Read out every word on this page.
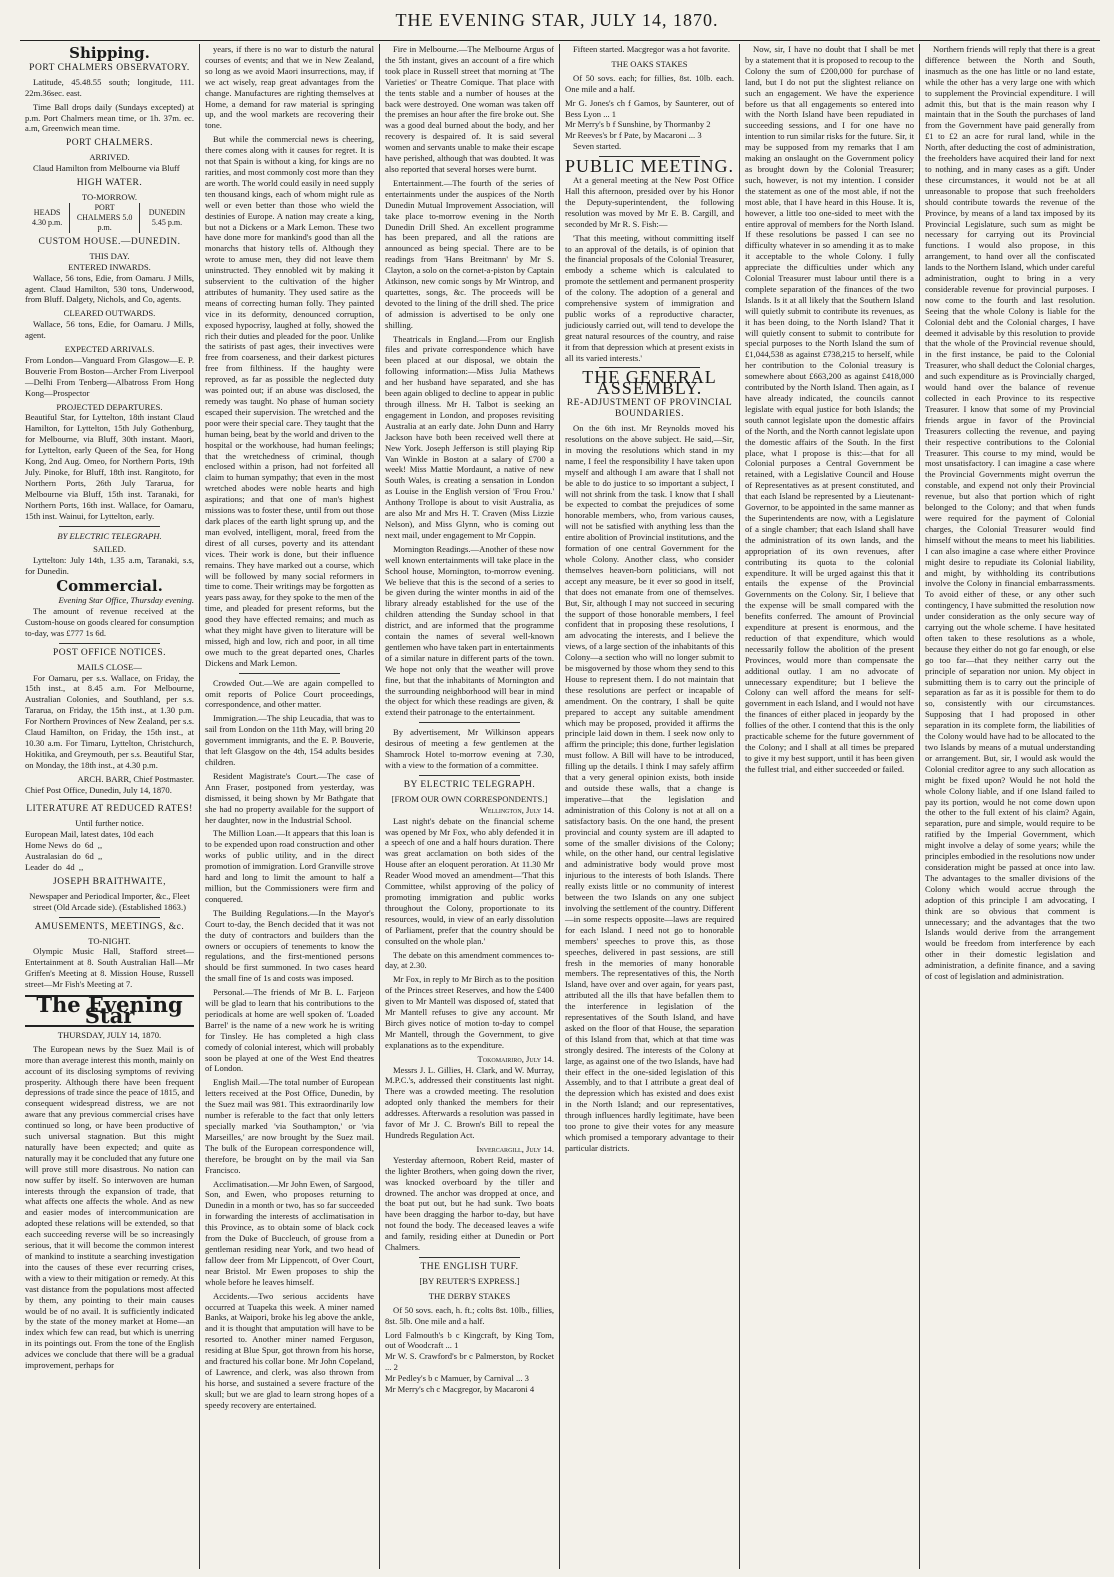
THE EVENING STAR, JULY 14, 1870.
Shipping.
PORT CHALMERS OBSERVATORY.

Latitude, 45.48.55 south; longitude, 111. 22m.36sec. east.

Time Ball drops daily (Sundays excepted) at p.m. Port Chalmers mean time, or 1h. 37m. ec. a.m, Greenwich mean time.

PORT CHALMERS.
ARRIVED.

Claud Hamilton from Melbourne via Bluff

HIGH WATER.
TO-MORROW.
HEADS 4.30 p.m.	PORT CHALMERS 5.0 p.m.	DUNEDIN 5.45 p.m.
CUSTOM HOUSE.—DUNEDIN.
THIS DAY.
ENTERED INWARDS.

Wallace, 56 tons, Edie, from Oamaru. J Mills, agent. Claud Hamilton, 530 tons, Underwood, from Bluff. Dalgety, Nichols, and Co, agents.

CLEARED OUTWARDS.

Wallace, 56 tons, Edie, for Oamaru. J Mills, agent.

EXPECTED ARRIVALS.

From London—Vanguard From Glasgow—E. P. Bouverie From Boston—Archer From Liverpool—Delhi From Tenberg—Albatross From Hong Kong—Prospector

PROJECTED DEPARTURES.

Beautiful Star, for Lyttelton, 18th instant Claud Hamilton, for Lyttelton, 15th July Gothenburg, for Melbourne, via Bluff, 30th instant. Maori, for Lyttelton, early Queen of the Sea, for Hong Kong, 2nd Aug. Omeo, for Northern Ports, 19th July. Pinoke, for Bluff, 18th inst. Rangitoto, for Northern Ports, 26th July Tararua, for Melbourne via Bluff, 15th inst. Taranaki, for Northern Ports, 16th inst. Wallace, for Oamaru, 15th inst. Wainui, for Lyttelton, early.

BY ELECTRIC TELEGRAPH.
SAILED.

Lyttelton: July 14th, 1.35 a.m, Taranaki, s.s, for Dunedin.

Commercial.
Evening Star Office, Thursday evening.

The amount of revenue received at the Custom-house on goods cleared for consumption to-day, was £777 1s 6d.

POST OFFICE NOTICES.
MAILS CLOSE—

For Oamaru, per s.s. Wallace, on Friday, the 15th inst., at 8.45 a.m. For Melbourne, Australian Colonies, and Southland, per s.s. Tararua, on Friday, the 15th inst., at 1.30 p.m. For Northern Provinces of New Zealand, per s.s. Claud Hamilton, on Friday, the 15th inst., at 10.30 a.m. For Timaru, Lyttelton, Christchurch, Hokitika, and Greymouth, per s.s. Beautiful Star, on Monday, the 18th inst., at 4.30 p.m.

ARCH. BARR, Chief Postmaster.
Chief Post Office, Dunedin, July 14, 1870.
LITERATURE AT REDUCED RATES!
Until further notice.
European Mail, latest dates, 10d each
Home News  do  6d  ,,
Australasian  do  6d  ,,
Leader  do  4d  ,,
JOSEPH BRAITHWAITE,
Newspaper and Periodical Importer, &c., Fleet street (Old Arcade side). (Established 1863.)
AMUSEMENTS, MEETINGS, &c.
TO-NIGHT.

Olympic Music Hall, Stafford street—Entertainment at 8. South Australian Hall—Mr Griffen's Meeting at 8. Mission House, Russell street—Mr Fish's Meeting at 7.

The Evening Star
THURSDAY, JULY 14, 1870.

The European news by the Suez Mail is of more than average interest this month, mainly on account of its disclosing symptoms of reviving prosperity. Although there have been frequent depressions of trade since the peace of 1815, and consequent widespread distress, we are not aware that any previous commercial crises have continued so long, or have been productive of such universal stagnation. But this might naturally have been expected; and quite as naturally may it be concluded that any future one will prove still more disastrous. No nation can now suffer by itself. So interwoven are human interests through the expansion of trade, that what affects one affects the whole. And as new and easier modes of intercommunication are adopted these relations will be extended, so that each succeeding reverse will be so increasingly serious, that it will become the common interest of mankind to institute a searching investigation into the causes of these ever recurring crises, with a view to their mitigation or remedy. At this vast distance from the populations most affected by them, any pointing to their main causes would be of no avail. It is sufficiently indicated by the state of the money market at Home—an index which few can read, but which is unerring in its pointings out. From the tone of the English advices we conclude that there will be a gradual improvement, perhaps for

years, if there is no war to disturb the natural courses of events; and that we in New Zealand, so long as we avoid Maori insurrections, may, if we act wisely, reap great advantages from the change. Manufactures are righting themselves at Home, a demand for raw material is springing up, and the wool markets are recovering their tone.

But while the commercial news is cheering, there comes along with it causes for regret. It is not that Spain is without a king, for kings are no rarities, and most commonly cost more than they are worth. The world could easily in need supply ten thousand kings, each of whom might rule as well or even better than those who wield the destinies of Europe. A nation may create a king, but not a Dickens or a Mark Lemon. These two have done more for mankind's good than all the monarchs that history tells of. Although they wrote to amuse men, they did not leave them uninstructed. They ennobled wit by making it subservient to the cultivation of the higher attributes of humanity. They used satire as the means of correcting human folly. They painted vice in its deformity, denounced corruption, exposed hypocrisy, laughed at folly, showed the rich their duties and pleaded for the poor. Unlike the satirists of past ages, their invectives were free from coarseness, and their darkest pictures free from filthiness. If the haughty were reproved, as far as possible the neglected duty was pointed out; if an abuse was disclosed, the remedy was taught. No phase of human society escaped their supervision. The wretched and the poor were their special care. They taught that the human being, beat by the world and driven to the hospital or the workhouse, had human feelings; that the wretchedness of criminal, though enclosed within a prison, had not forfeited all claim to human sympathy; that even in the most wretched abodes were noble hearts and high aspirations; and that one of man's highest missions was to foster these, until from out those dark places of the earth light sprung up, and the man evolved, intelligent, moral, freed from the direst of all curses, poverty and its attendant vices. Their work is done, but their influence remains. They have marked out a course, which will be followed by many social reformers in time to come. Their writings may be forgotten as years pass away, for they spoke to the men of the time, and pleaded for present reforms, but the good they have effected remains; and much as what they might have given to literature will be missed, high and low, rich and poor, in all time owe much to the great departed ones, Charles Dickens and Mark Lemon.

Crowded Out.—We are again compelled to omit reports of Police Court proceedings, correspondence, and other matter.

Immigration.—The ship Leucadia, that was to sail from London on the 11th May, will bring 20 government immigrants, and the E. P. Bouverie, that left Glasgow on the 4th, 154 adults besides children.

Resident Magistrate's Court.—The case of Ann Fraser, postponed from yesterday, was dismissed, it being shown by Mr Bathgate that she had no property available for the support of her daughter, now in the Industrial School.

The Million Loan.—It appears that this loan is to be expended upon road construction and other works of public utility, and in the direct promotion of immigration. Lord Granville strove hard and long to limit the amount to half a million, but the Commissioners were firm and conquered.

The Building Regulations.—In the Mayor's Court to-day, the Bench decided that it was not the duty of contractors and builders than the owners or occupiers of tenements to know the regulations, and the first-mentioned persons should be first summoned. In two cases heard the small fine of 1s and costs was imposed.

Personal.—The friends of Mr B. L. Farjeon will be glad to learn that his contributions to the periodicals at home are well spoken of. 'Loaded Barrel' is the name of a new work he is writing for Tinsley. He has completed a high class comedy of colonial interest, which will probably soon be played at one of the West End theatres of London.

English Mail.—The total number of European letters received at the Post Office, Dunedin, by the Suez mail was 981. This extraordinarily low number is referable to the fact that only letters specially marked 'via Southampton,' or 'via Marseilles,' are now brought by the Suez mail. The bulk of the European correspondence will, therefore, be brought on by the mail via San Francisco.

Acclimatisation.—Mr John Ewen, of Sargood, Son, and Ewen, who proposes returning to Dunedin in a month or two, has so far succeeded in forwarding the interests of acclimatisation in this Province, as to obtain some of black cock from the Duke of Buccleuch, of grouse from a gentleman residing near York, and two head of fallow deer from Mr Lippencott, of Over Court, near Bristol. Mr Ewen proposes to ship the whole before he leaves himself.

Accidents.—Two serious accidents have occurred at Tuapeka this week. A miner named Banks, at Waipori, broke his leg above the ankle, and it is thought that amputation will have to be resorted to. Another miner named Ferguson, residing at Blue Spur, got thrown from his horse, and fractured his collar bone. Mr John Copeland, of Lawrence, and clerk, was also thrown from his horse, and sustained a severe fracture of the skull; but we are glad to learn strong hopes of a speedy recovery are entertained.

Fire in Melbourne.—The Melbourne Argus of the 5th instant, gives an account of a fire which took place in Russell street that morning at 'The Varieties' or Theatre Comique. That place with the tents stable and a number of houses at the back were destroyed. One woman was taken off the premises an hour after the fire broke out. She was a good deal burned about the body, and her recovery is despaired of. It is said several women and servants unable to make their escape have perished, although that was doubted. It was also reported that several horses were burnt.

Entertainment.—The fourth of the series of entertainments under the auspices of the North Dunedin Mutual Improvement Association, will take place to-morrow evening in the North Dunedin Drill Shed. An excellent programme has been prepared, and all the rations are announced as being special. There are to be readings from 'Hans Breitmann' by Mr S. Clayton, a solo on the cornet-a-piston by Captain Atkinson, new comic songs by Mr Wintrop, and quartettes, songs, &c. The proceeds will be devoted to the lining of the drill shed. The price of admission is advertised to be only one shilling.

Theatricals in England.—From our English files and private correspondence which have been placed at our disposal, we obtain the following information:—Miss Julia Mathews and her husband have separated, and she has been again obliged to decline to appear in public through illness. Mr H. Talbot is seeking an engagement in London, and proposes revisiting Australia at an early date. John Dunn and Harry Jackson have both been received well there at New York. Joseph Jefferson is still playing Rip Van Winkle in Boston at a salary of £700 a week! Miss Mattie Mordaunt, a native of new South Wales, is creating a sensation in London as Louise in the English version of 'Frou Frou.' Anthony Trollope is about to visit Australia, as are also Mr and Mrs H. T. Craven (Miss Lizzie Nelson), and Miss Glynn, who is coming out next mail, under engagement to Mr Coppin.

Mornington Readings.—Another of these now well known entertainments will take place in the School house, Mornington, to-morrow evening. We believe that this is the second of a series to be given during the winter months in aid of the library already established for the use of the children attending the Sunday school in that district, and are informed that the programme contain the names of several well-known gentlemen who have taken part in entertainments of a similar nature in different parts of the town. We hope not only that the weather will prove fine, but that the inhabitants of Mornington and the surrounding neighborhood will bear in mind the object for which these readings are given, & extend their patronage to the entertainment.

By advertisement, Mr Wilkinson appears desirous of meeting a few gentlemen at the Shamrock Hotel to-morrow evening at 7.30, with a view to the formation of a committee.

BY ELECTRIC TELEGRAPH.
[FROM OUR OWN CORRESPONDENTS.]
Wellington, July 14.

Last night's debate on the financial scheme was opened by Mr Fox, who ably defended it in a speech of one and a half hours duration. There was great acclamation on both sides of the House after an eloquent peroration. At 11.30 Mr Reader Wood moved an amendment—'That this Committee, whilst approving of the policy of promoting immigration and public works throughout the Colony, proportionate to its resources, would, in view of an early dissolution of Parliament, prefer that the country should be consulted on the whole plan.'

The debate on this amendment commences to-day, at 2.30.

Mr Fox, in reply to Mr Birch as to the position of the Princes street Reserves, and how the £400 given to Mr Mantell was disposed of, stated that Mr Mantell refuses to give any account. Mr Birch gives notice of motion to-day to compel Mr Mantell, through the Government, to give explanations as to the expenditure.

Tokomairiro, July 14.

Messrs J. L. Gillies, H. Clark, and W. Murray, M.P.C.'s, addressed their constituents last night. There was a crowded meeting. The resolution adopted only thanked the members for their addresses. Afterwards a resolution was passed in favor of Mr J. C. Brown's Bill to repeal the Hundreds Regulation Act.

Invercargill, July 14.

Yesterday afternoon, Robert Reid, master of the lighter Brothers, when going down the river, was knocked overboard by the tiller and drowned. The anchor was dropped at once, and the boat put out, but he had sunk. Two boats have been dragging the harbor to-day, but have not found the body. The deceased leaves a wife and family, residing either at Dunedin or Port Chalmers.

THE ENGLISH TURF.
[BY REUTER'S EXPRESS.]
THE DERBY STAKES

Of 50 sovs. each, h. ft.; colts 8st. 10lb., fillies, 8st. 5lb. One mile and a half.

Lord Falmouth's b c Kingcraft, by King Tom, out of Woodcraft ... 1
Mr W. S. Crawford's br c Palmerston, by Rocket ... 2
Mr Pedley's b c Mamuer, by Carnival ... 3
Mr Merry's ch c Macgregor, by Macaroni 4

Fifteen started. Macgregor was a hot favorite.

THE OAKS STAKES

Of 50 sovs. each; for fillies, 8st. 10lb. each. One mile and a half.

Mr G. Jones's ch f Gamos, by Saunterer, out of Bess Lyon ... 1
Mr Merry's b f Sunshine, by Thormanby 2
Mr Reeves's br f Pate, by Macaroni ... 3

Seven started.

PUBLIC MEETING.

At a general meeting at the New Post Office Hall this afternoon, presided over by his Honor the Deputy-superintendent, the following resolution was moved by Mr E. B. Cargill, and seconded by Mr R. S. Fish:—

'That this meeting, without committing itself to an approval of the details, is of opinion that the financial proposals of the Colonial Treasurer, embody a scheme which is calculated to promote the settlement and permanent prosperity of the colony. The adoption of a general and comprehensive system of immigration and public works of a reproductive character, judiciously carried out, will tend to develope the great natural resources of the country, and raise it from that depression which at present exists in all its varied interests.'

THE GENERAL ASSEMBLY.
RE-ADJUSTMENT OF PROVINCIAL BOUNDARIES.

On the 6th inst. Mr Reynolds moved his resolutions on the above subject. He said,—Sir, in moving the resolutions which stand in my name, I feel the responsibility I have taken upon myself and although I am aware that I shall not be able to do justice to so important a subject, I will not shrink from the task. I know that I shall be expected to combat the prejudices of some honorable members, who, from various causes, will not be satisfied with anything less than the entire abolition of Provincial institutions, and the formation of one central Government for the whole Colony. Another class, who consider themselves heaven-born politicians, will not accept any measure, be it ever so good in itself, that does not emanate from one of themselves. But, Sir, although I may not succeed in securing the support of those honorable members, I feel confident that in proposing these resolutions, I am advocating the interests, and I believe the views, of a large section of the inhabitants of this Colony—a section who will no longer submit to be misgoverned by those whom they send to this House to represent them. I do not maintain that these resolutions are perfect or incapable of amendment. On the contrary, I shall be quite prepared to accept any suitable amendment which may be proposed, provided it affirms the principle laid down in them. I seek now only to affirm the principle; this done, further legislation must follow. A Bill will have to be introduced, filling up the details. I think I may safely affirm that a very general opinion exists, both inside and outside these walls, that a change is imperative—that the legislation and administration of this Colony is not at all on a satisfactory basis. On the one hand, the present provincial and county system are ill adapted to some of the smaller divisions of the Colony; while, on the other hand, our central legislative and administrative body would prove most injurious to the interests of both Islands. There really exists little or no community of interest between the two Islands on any one subject involving the settlement of the country. Different—in some respects opposite—laws are required for each Island. I need not go to honorable members' speeches to prove this, as those speeches, delivered in past sessions, are still fresh in the memories of many honorable members. The representatives of this, the North Island, have over and over again, for years past, attributed all the ills that have befallen them to the interference in legislation of the representatives of the South Island, and have asked on the floor of that House, the separation of this Island from that, which at that time was strongly desired. The interests of the Colony at large, as against one of the two Islands, have had their effect in the one-sided legislation of this Assembly, and to that I attribute a great deal of the depression which has existed and does exist in the North Island; and our representatives, through influences hardly legitimate, have been too prone to give their votes for any measure which promised a temporary advantage to their particular districts.

Now, sir, I have no doubt that I shall be met by a statement that it is proposed to recoup to the Colony the sum of £200,000 for purchase of land, but I do not put the slightest reliance on such an engagement. We have the experience before us that all engagements so entered into with the North Island have been repudiated in succeeding sessions, and I for one have no intention to run similar risks for the future. Sir, it may be supposed from my remarks that I am making an onslaught on the Government policy as brought down by the Colonial Treasurer; such, however, is not my intention. I consider the statement as one of the most able, if not the most able, that I have heard in this House. It is, however, a little too one-sided to meet with the entire approval of members for the North Island. If these resolutions be passed I can see no difficulty whatever in so amending it as to make it acceptable to the whole Colony. I fully appreciate the difficulties under which any Colonial Treasurer must labour until there is a complete separation of the finances of the two Islands. Is it at all likely that the Southern Island will quietly submit to contribute its revenues, as it has been doing, to the North Island? That it will quietly consent to submit to contribute for special purposes to the North Island the sum of £1,044,538 as against £738,215 to herself, while her contribution to the Colonial treasury is somewhere about £663,200 as against £418,000 contributed by the North Island. Then again, as I have already indicated, the councils cannot legislate with equal justice for both Islands; the south cannot legislate upon the domestic affairs of the North, and the North cannot legislate upon the domestic affairs of the South. In the first place, what I propose is this:—that for all Colonial purposes a Central Government be retained, with a Legislative Council and House of Representatives as at present constituted, and that each Island be represented by a Lieutenant-Governor, to be appointed in the same manner as the Superintendents are now, with a Legislature of a single chamber; that each Island shall have the administration of its own lands, and the appropriation of its own revenues, after contributing its quota to the colonial expenditure. It will be urged against this that it entails the expense of the Provincial Governments on the Colony. Sir, I believe that the expense will be small compared with the benefits conferred. The amount of Provincial expenditure at present is enormous, and the reduction of that expenditure, which would necessarily follow the abolition of the present Provinces, would more than compensate the additional outlay. I am no advocate of unnecessary expenditure; but I believe the Colony can well afford the means for self-government in each Island, and I would not have the finances of either placed in jeopardy by the follies of the other. I contend that this is the only practicable scheme for the future government of the Colony; and I shall at all times be prepared to give it my best support, until it has been given the fullest trial, and either succeeded or failed.

Northern friends will reply that there is a great difference between the North and South, inasmuch as the one has little or no land estate, while the other has a very large one with which to supplement the Provincial expenditure. I will admit this, but that is the main reason why I maintain that in the South the purchases of land from the Government have paid generally from £1 to £2 an acre for rural land, while in the North, after deducting the cost of administration, the freeholders have acquired their land for next to nothing, and in many cases as a gift. Under these circumstances, it would not be at all unreasonable to propose that such freeholders should contribute towards the revenue of the Province, by means of a land tax imposed by its Provincial Legislature, such sum as might be necessary for carrying out its Provincial functions. I would also propose, in this arrangement, to hand over all the confiscated lands to the Northern Island, which under careful administration, ought to bring in a very considerable revenue for provincial purposes. I now come to the fourth and last resolution. Seeing that the whole Colony is liable for the Colonial debt and the Colonial charges, I have deemed it advisable by this resolution to provide that the whole of the Provincial revenue should, in the first instance, be paid to the Colonial Treasurer, who shall deduct the Colonial charges, and such expenditure as is Provincially charged, would hand over the balance of revenue collected in each Province to its respective Treasurer. I know that some of my Provincial friends argue in favor of the Provincial Treasurers collecting the revenue, and paying their respective contributions to the Colonial Treasurer. This course to my mind, would be most unsatisfactory. I can imagine a case where the Provincial Governments might overrun the constable, and expend not only their Provincial revenue, but also that portion which of right belonged to the Colony; and that when funds were required for the payment of Colonial charges, the Colonial Treasurer would find himself without the means to meet his liabilities. I can also imagine a case where either Province might desire to repudiate its Colonial liability, and might, by withholding its contributions involve the Colony in financial embarrassments. To avoid either of these, or any other such contingency, I have submitted the resolution now under consideration as the only secure way of carrying out the whole scheme. I have hesitated often taken to these resolutions as a whole, because they either do not go far enough, or else go too far—that they neither carry out the principle of separation nor union. My object in submitting them is to carry out the principle of separation as far as it is possible for them to do so, consistently with our circumstances. Supposing that I had proposed in other separation in its complete form, the liabilities of the Colony would have had to be allocated to the two Islands by means of a mutual understanding or arrangement. But, sir, I would ask would the Colonial creditor agree to any such allocation as might be fixed upon? Would he not hold the whole Colony liable, and if one Island failed to pay its portion, would he not come down upon the other to the full extent of his claim? Again, separation, pure and simple, would require to be ratified by the Imperial Government, which might involve a delay of some years; while the principles embodied in the resolutions now under consideration might be passed at once into law. The advantages to the smaller divisions of the Colony which would accrue through the adoption of this principle I am advocating, I think are so obvious that comment is unnecessary; and the advantages that the two Islands would derive from the arrangement would be freedom from interference by each other in their domestic legislation and administration, a definite finance, and a saving of cost of legislation and administration.
